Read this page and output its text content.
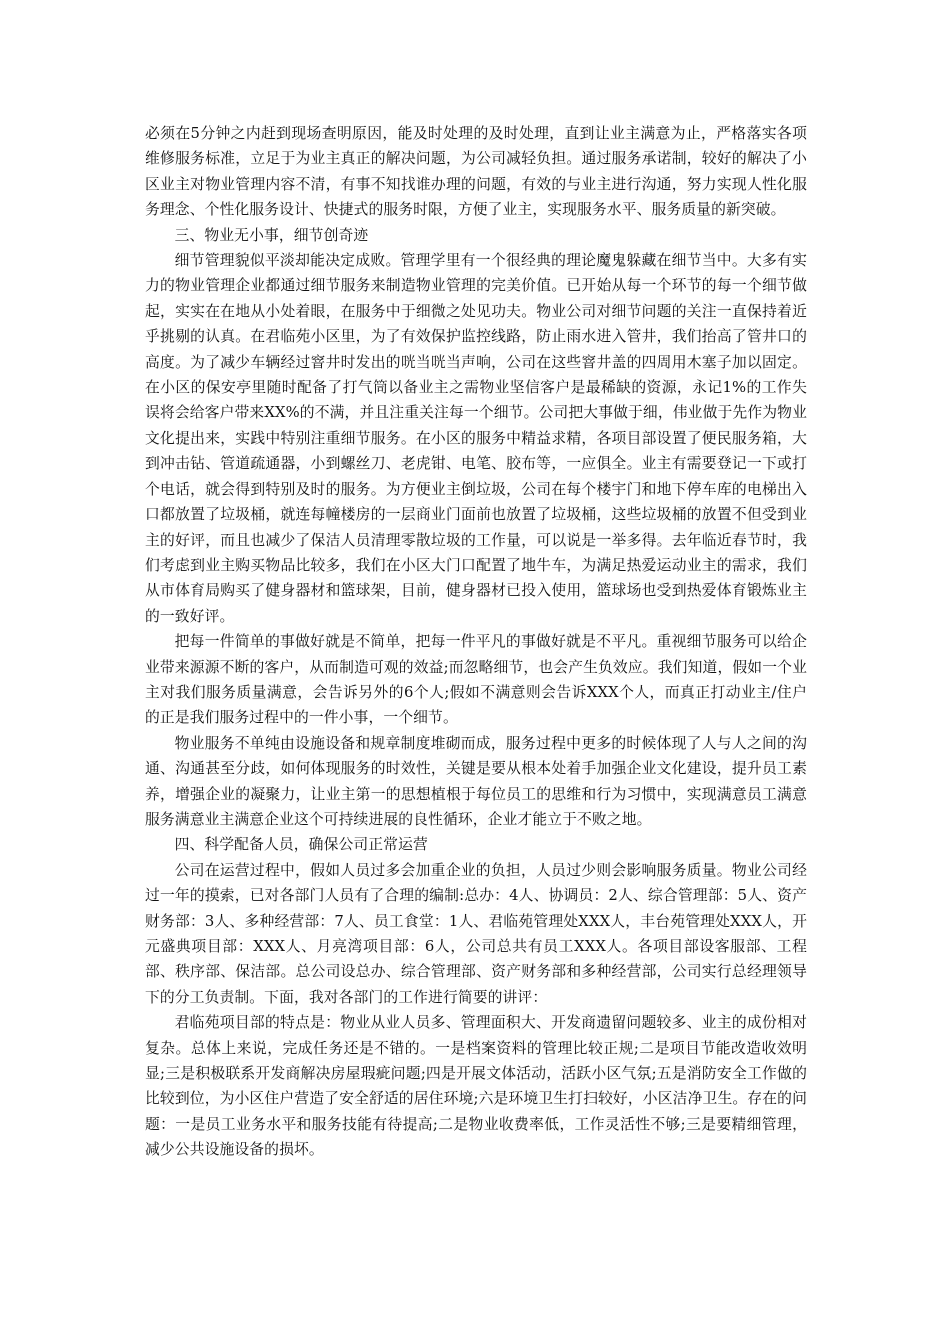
必须在5分钟之内赶到现场查明原因，能及时处理的及时处理，直到让业主满意为止，严格落实各项维修服务标准，立足于为业主真正的解决问题，为公司减轻负担。通过服务承诺制，较好的解决了小区业主对物业管理内容不清，有事不知找谁办理的问题，有效的与业主进行沟通，努力实现人性化服务理念、个性化服务设计、快捷式的服务时限，方便了业主，实现服务水平、服务质量的新突破。

三、物业无小事，细节创奇迹

细节管理貌似平淡却能决定成败。管理学里有一个很经典的理论魔鬼躲藏在细节当中。大多有实力的物业管理企业都通过细节服务来制造物业管理的完美价值。已开始从每一个环节的每一个细节做起，实实在在地从小处着眼，在服务中于细微之处见功夫。物业公司对细节问题的关注一直保持着近乎挑剔的认真。在君临苑小区里，为了有效保护监控线路，防止雨水进入管井，我们抬高了管井口的高度。为了减少车辆经过窨井时发出的咣当咣当声响，公司在这些窨井盖的四周用木塞子加以固定。在小区的保安亭里随时配备了打气筒以备业主之需物业坚信客户是最稀缺的资源，永记1%的工作失误将会给客户带来XX%的不满，并且注重关注每一个细节。公司把大事做于细，伟业做于先作为物业文化提出来，实践中特别注重细节服务。在小区的服务中精益求精，各项目部设置了便民服务箱，大到冲击钻、管道疏通器，小到螺丝刀、老虎钳、电笔、胶布等，一应俱全。业主有需要登记一下或打个电话，就会得到特别及时的服务。为方便业主倒垃圾，公司在每个楼宇门和地下停车库的电梯出入口都放置了垃圾桶，就连每幢楼房的一层商业门面前也放置了垃圾桶，这些垃圾桶的放置不但受到业主的好评，而且也减少了保洁人员清理零散垃圾的工作量，可以说是一举多得。去年临近春节时，我们考虑到业主购买物品比较多，我们在小区大门口配置了地牛车，为满足热爱运动业主的需求，我们从市体育局购买了健身器材和篮球架，目前，健身器材已投入使用，篮球场也受到热爱体育锻炼业主的一致好评。

把每一件简单的事做好就是不简单，把每一件平凡的事做好就是不平凡。重视细节服务可以给企业带来源源不断的客户，从而制造可观的效益;而忽略细节，也会产生负效应。我们知道，假如一个业主对我们服务质量满意，会告诉另外的6个人;假如不满意则会告诉XXX个人，而真正打动业主/住户的正是我们服务过程中的一件小事，一个细节。

物业服务不单纯由设施设备和规章制度堆砌而成，服务过程中更多的时候体现了人与人之间的沟通、沟通甚至分歧，如何体现服务的时效性，关键是要从根本处着手加强企业文化建设，提升员工素养，增强企业的凝聚力，让业主第一的思想植根于每位员工的思维和行为习惯中，实现满意员工满意服务满意业主满意企业这个可持续进展的良性循环，企业才能立于不败之地。

四、科学配备人员，确保公司正常运营

公司在运营过程中，假如人员过多会加重企业的负担，人员过少则会影响服务质量。物业公司经过一年的摸索，已对各部门人员有了合理的编制:总办：4人、协调员：2人、综合管理部：5人、资产财务部：3人、多种经营部：7人、员工食堂：1人、君临苑管理处XXX人，丰台苑管理处XXX人，开元盛典项目部：XXX人、月亮湾项目部：6人，公司总共有员工XXX人。各项目部设客服部、工程部、秩序部、保洁部。总公司设总办、综合管理部、资产财务部和多种经营部，公司实行总经理领导下的分工负责制。下面，我对各部门的工作进行简要的讲评：

君临苑项目部的特点是：物业从业人员多、管理面积大、开发商遗留问题较多、业主的成份相对复杂。总体上来说，完成任务还是不错的。一是档案资料的管理比较正规;二是项目节能改造收效明显;三是积极联系开发商解决房屋瑕疵问题;四是开展文体活动，活跃小区气氛;五是消防安全工作做的比较到位，为小区住户营造了安全舒适的居住环境;六是环境卫生打扫较好，小区洁净卫生。存在的问题：一是员工业务水平和服务技能有待提高;二是物业收费率低，工作灵活性不够;三是要精细管理，减少公共设施设备的损坏。
